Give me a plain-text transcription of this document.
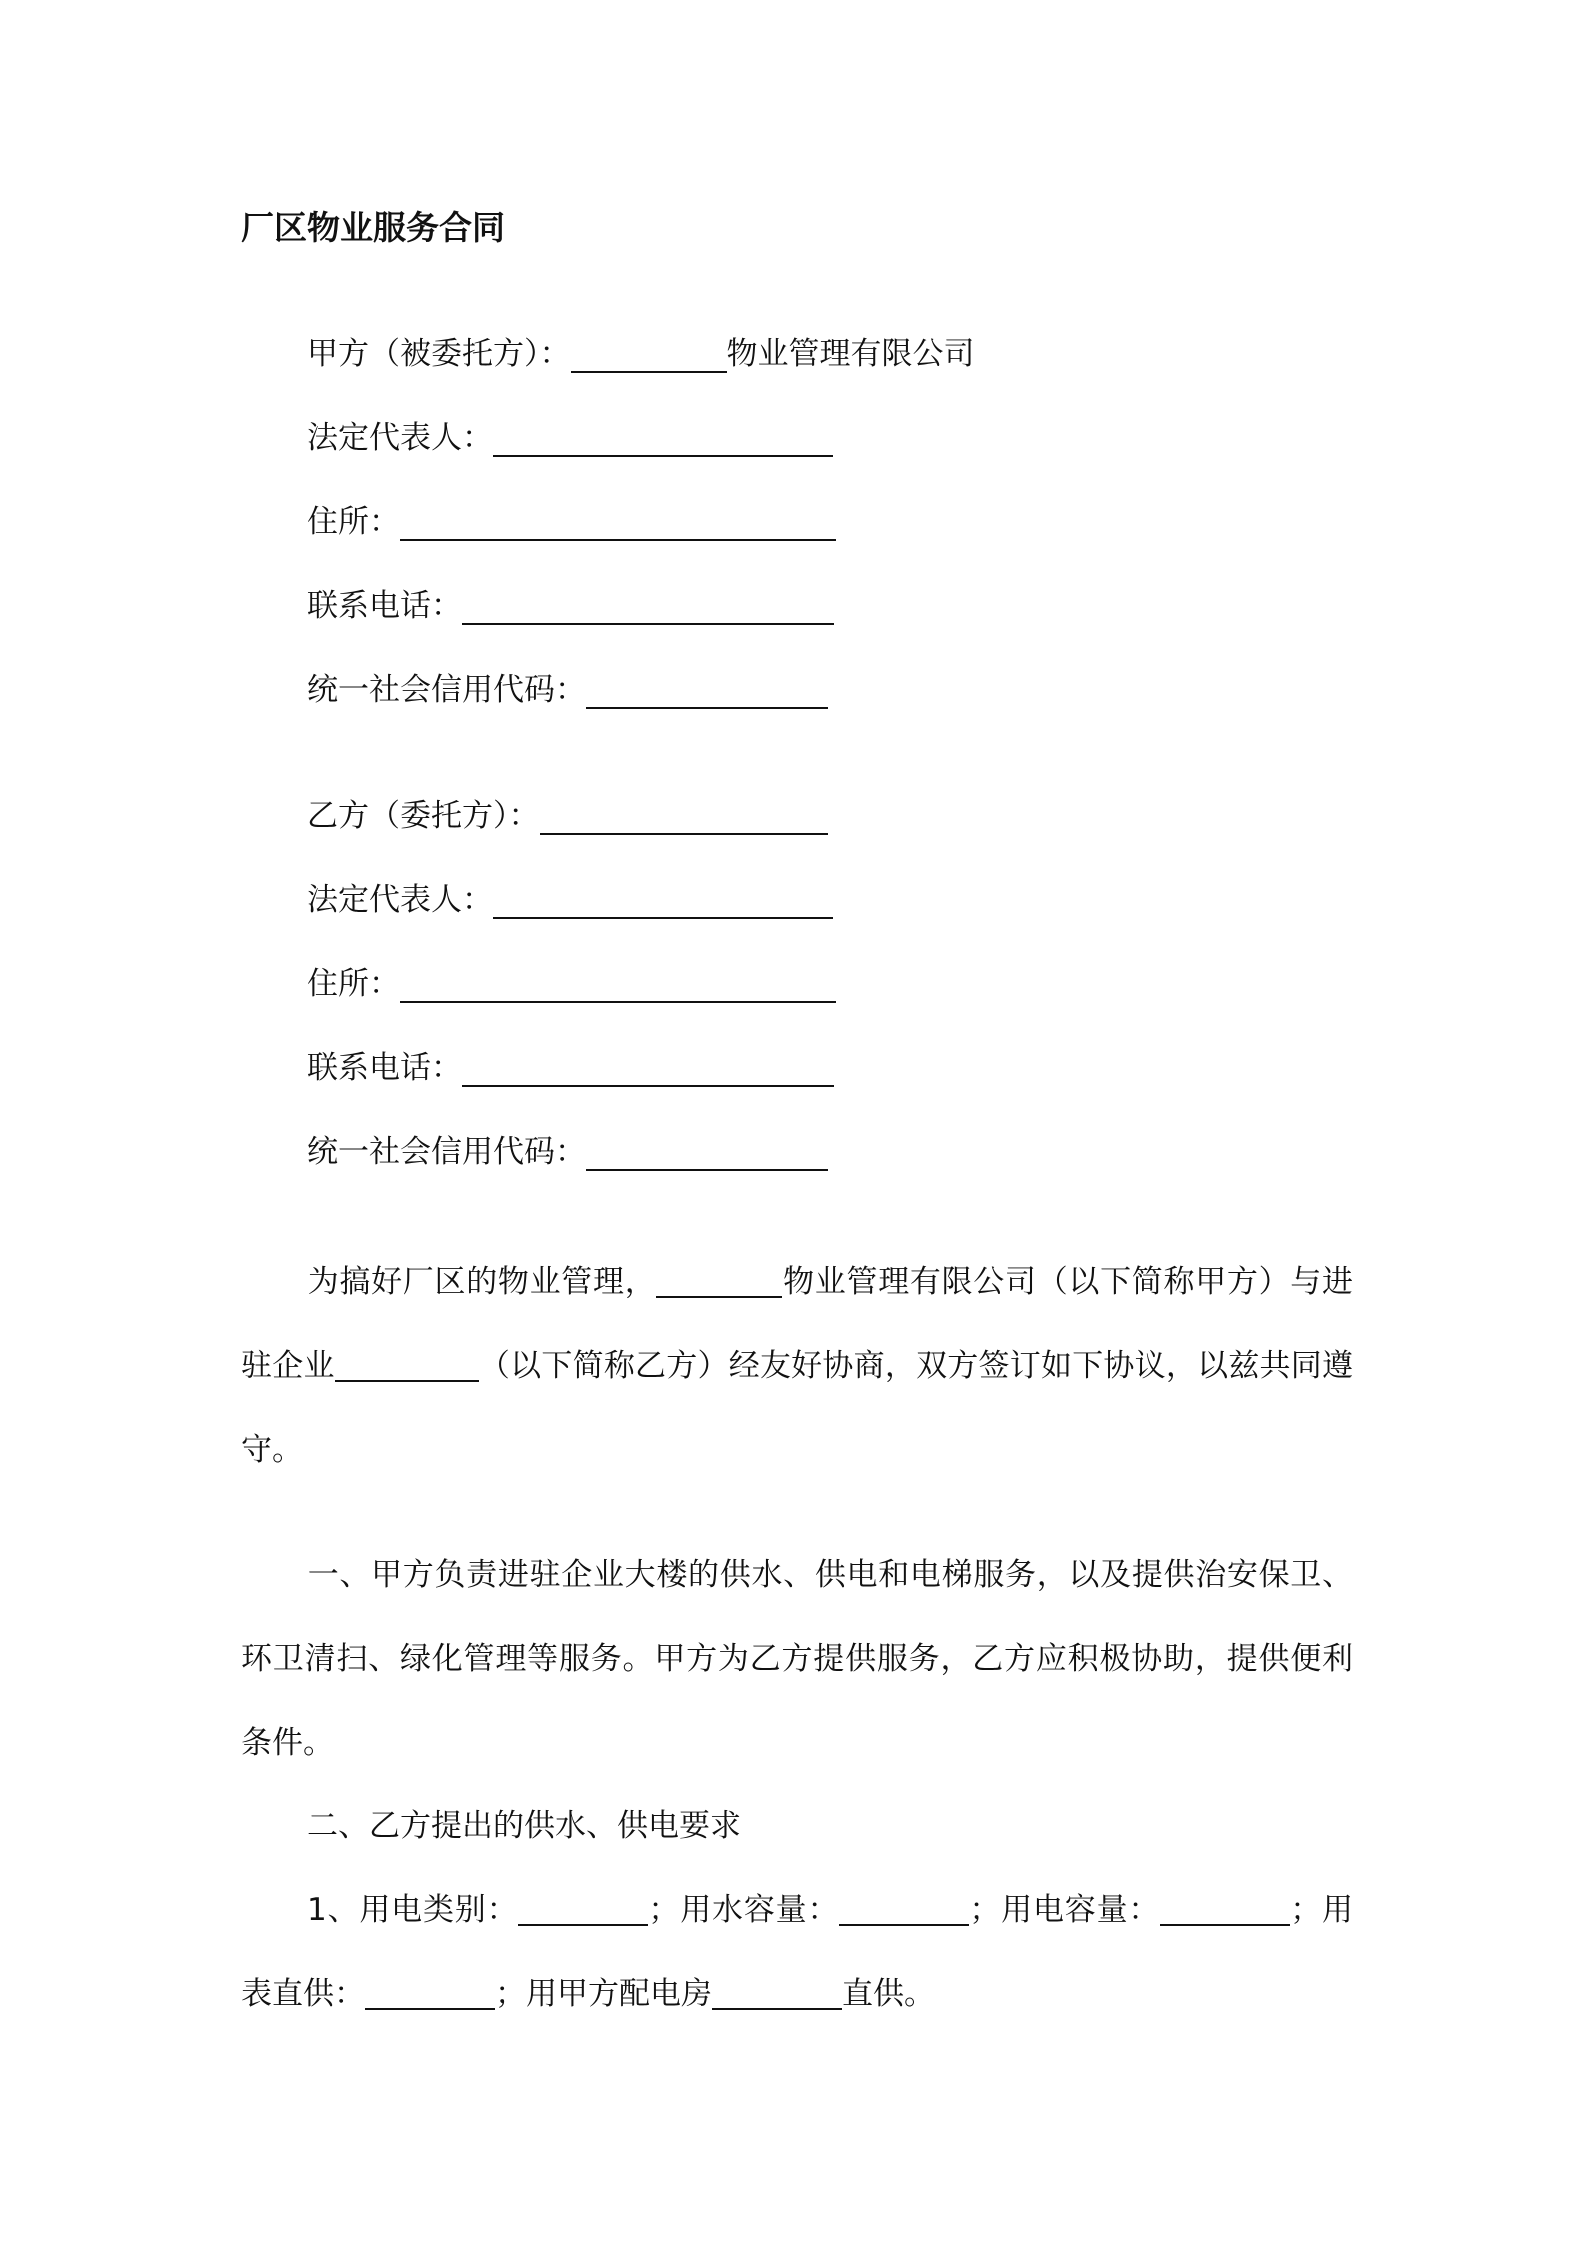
厂区物业服务合同
甲方（被委托方）：	物业管理有限公司
法定代表人：
住所：
联系电话：
统一社会信用代码：
乙方（委托方）：
法定代表人：
住所：
联系电话：
统一社会信用代码：
为搞好厂区的物业管理，	物业管理有限公司（以下简称甲方）与进驻企业	（以下简称乙方）经友好协商，双方签订如下协议，以兹共同遵守。
一、甲方负责进驻企业大楼的供水、供电和电梯服务，以及提供治安保卫、环卫清扫、绿化管理等服务。甲方为乙方提供服务，乙方应积极协助，提供便利条件。
二、乙方提出的供水、供电要求
1、用电类别：	；用水容量：	；用电容量：	；用表直供：	；用甲方配电房	直供。
